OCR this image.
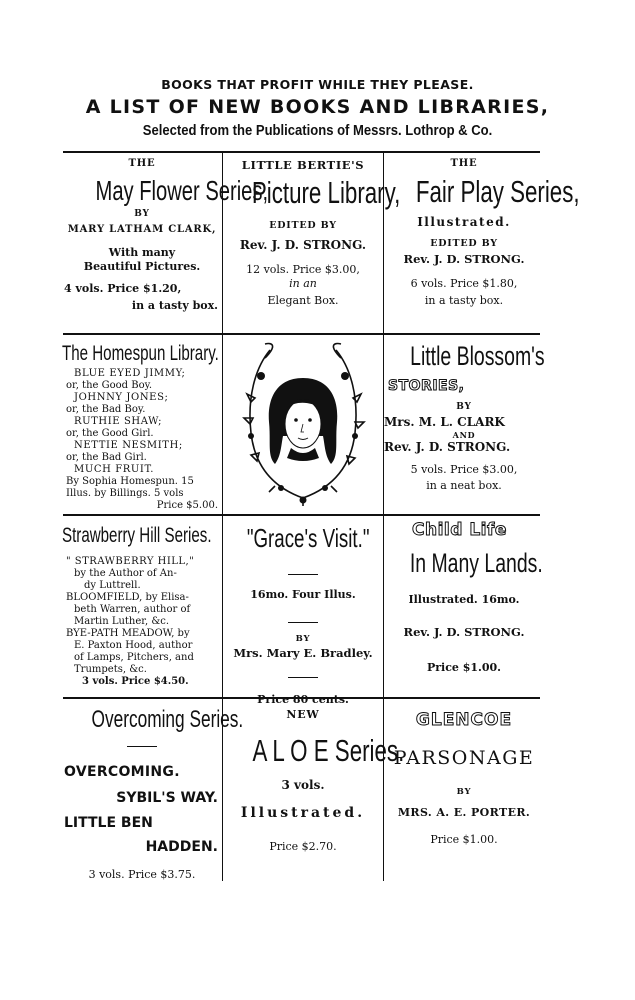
BOOKS THAT PROFIT WHILE THEY PLEASE.
A LIST OF NEW BOOKS AND LIBRARIES,
Selected from the Publications of Messrs. Lothrop & Co.
THE
May Flower Series,
BY
MARY LATHAM CLARK,
With many
Beautiful Pictures.
4 vols. Price $1.20,
in a tasty box.
LITTLE BERTIE'S
Picture Library,
EDITED BY
Rev. J. D. STRONG.
12 vols. Price $3.00,
in an
Elegant Box.
THE
Fair Play Series,
Illustrated.
EDITED BY
Rev. J. D. STRONG.
6 vols. Price $1.80,
in a tasty box.
The Homespun Library.
BLUE EYED JIMMY;
or, the Good Boy.
JOHNNY JONES;
or, the Bad Boy.
RUTHIE SHAW;
or, the Good Girl.
NETTIE NESMITH;
or, the Bad Girl.
MUCH FRUIT.
By Sophia Homespun. 15
Illus. by Billings. 5 vols
Price $5.00.
Little Blossom's
STORIES,
BY
Mrs. M. L. CLARK
AND
Rev. J. D. STRONG.
5 vols. Price $3.00,
in a neat box.
Strawberry Hill Series.
" STRAWBERRY HILL,"
by the Author of An-
dy Luttrell.
BLOOMFIELD, by Elisa-
beth Warren, author of
Martin Luther, &c.
BYE-PATH MEADOW, by
E. Paxton Hood, author
of Lamps, Pitchers, and
Trumpets, &c.
3 vols. Price $4.50.
"Grace's Visit."
16mo. Four Illus.
BY
Mrs. Mary E. Bradley.
Price 80 cents.
Child Life
In Many Lands.
Illustrated. 16mo.
Rev. J. D. STRONG.
Price $1.00.
Overcoming Series.
OVERCOMING.
SYBIL'S WAY.
LITTLE BEN
HADDEN.
3 vols. Price $3.75.
NEW
A L O E Series.
3 vols.
Illustrated.
Price $2.70.
GLENCOE
PARSONAGE
BY
MRS. A. E. PORTER.
Price $1.00.
